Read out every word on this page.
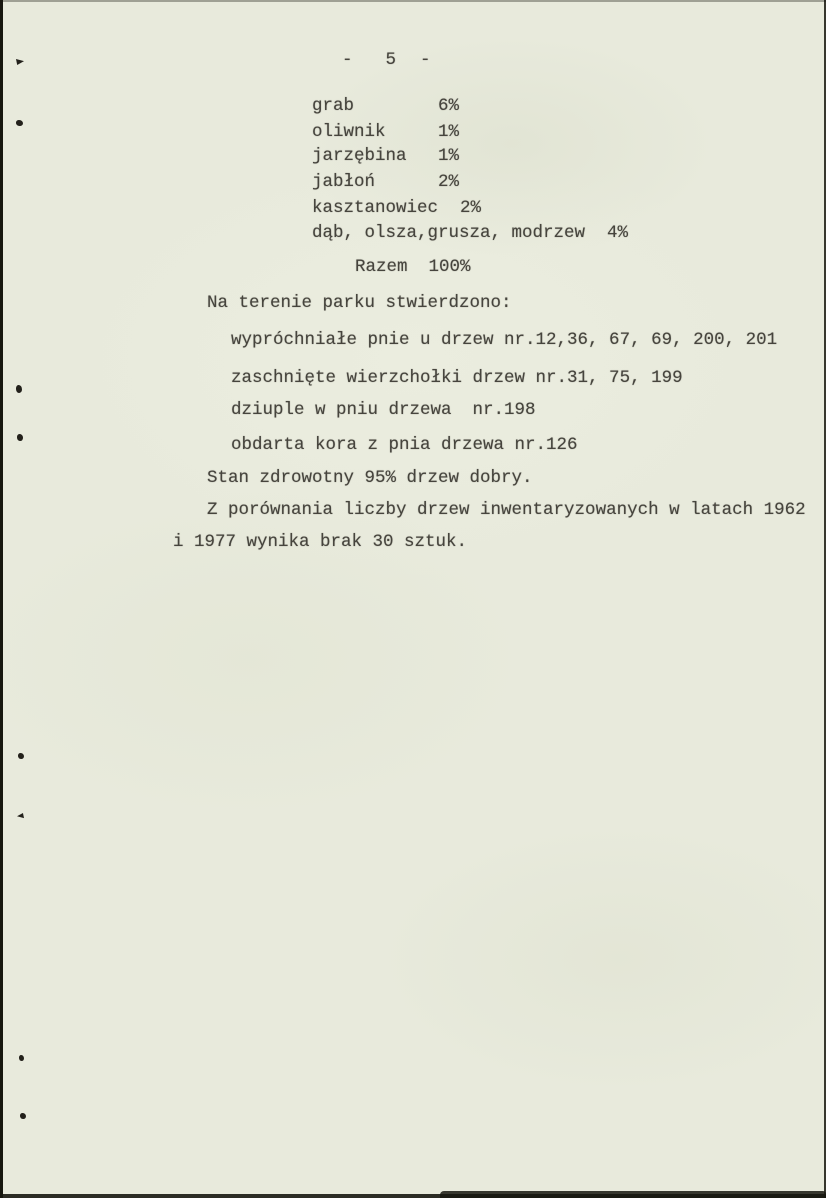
- 5 -
grab	6%
oliwnik	1%
jarzębina 1%
jabłoń	2%
kasztanowiec 2%
dąb, olsza,grusza, modrzew 4%
Razem 100%
Na terenie parku stwierdzono:
wypróchniałe pnie u drzew nr.12,36, 67, 69, 200, 201
zaschnięte wierzchołki drzew nr.31, 75, 199
dziuple w pniu drzewa  nr.198
obdarta kora z pnia drzewa nr.126
Stan zdrowotny 95% drzew dobry.
Z porównania liczby drzew inwentaryzowanych w latach 1962
i 1977 wynika brak 30 sztuk.
